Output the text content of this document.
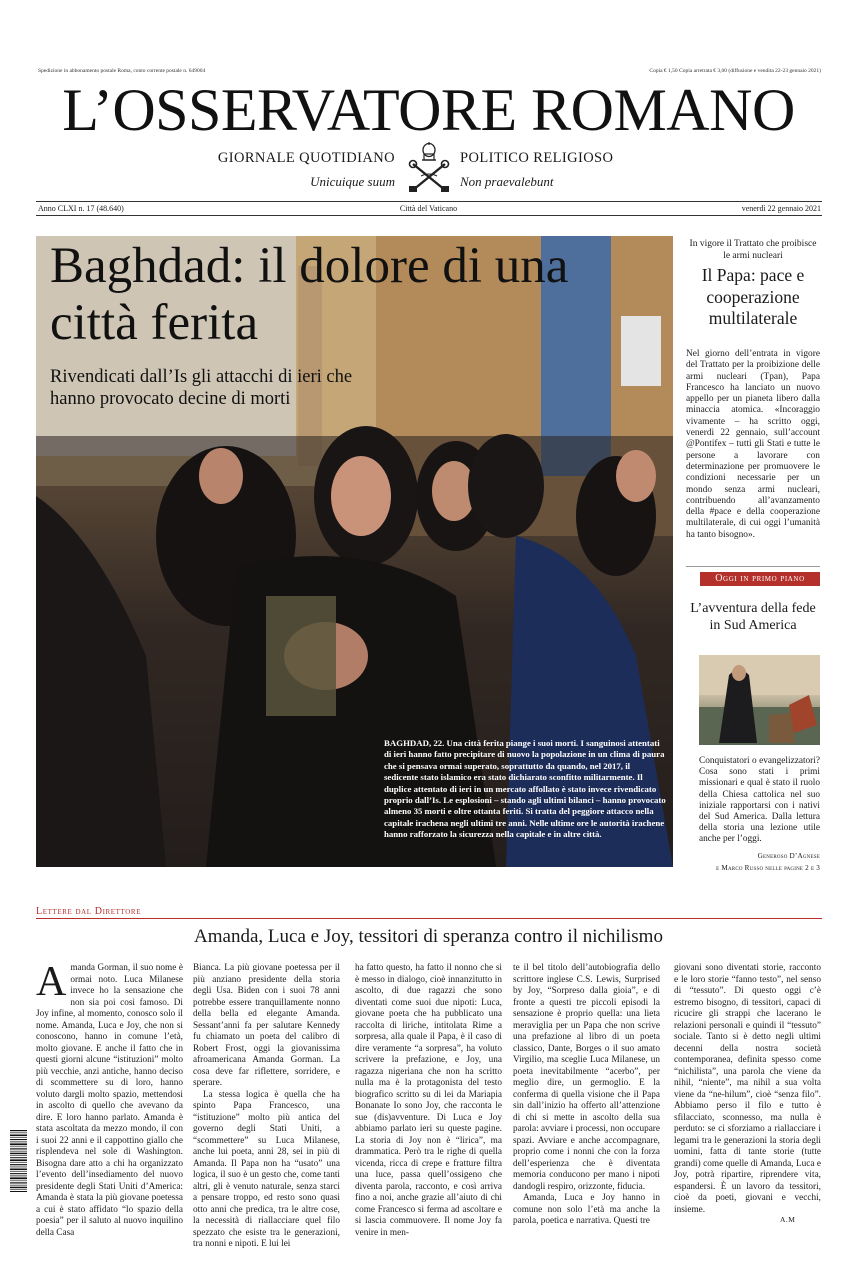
Spedizione in abbonamento postale Roma, conto corrente postale n. 649004	Copia € 1,50 Copia arretrata € 3,00 (diffusione e vendita 22-23 gennaio 2021)
L’OSSERVATORE ROMANO
GIORNALE QUOTIDIANO	POLITICO RELIGIOSO
Unicuique suum	Non praevalebunt
Anno CLXI n. 17 (48.640)	Città del Vaticano	venerdì 22 gennaio 2021
Baghdad: il dolore di una città ferita
Rivendicati dall’Is gli attacchi di ieri che hanno provocato decine di morti
BAGHDAD, 22. Una città ferita piange i suoi morti. I sanguinosi attentati di ieri hanno fatto precipitare di nuovo la popolazione in un clima di paura che si pensava ormai superato, soprattutto da quando, nel 2017, il sedicente stato islamico era stato dichiarato sconfitto militarmente. Il duplice attentato di ieri in un mercato affollato è stato invece rivendicato proprio dall’Is. Le esplosioni – stando agli ultimi bilanci – hanno provocato almeno 35 morti e oltre ottanta feriti. Si tratta del peggiore attacco nella capitale irachena negli ultimi tre anni. Nelle ultime ore le autorità irachene hanno rafforzato la sicurezza nella capitale e in altre città.
In vigore il Trattato che proibisce le armi nucleari
Il Papa: pace e cooperazione multilaterale
Nel giorno dell’entrata in vigore del Trattato per la proibizione delle armi nucleari (Tpan), Papa Francesco ha lanciato un nuovo appello per un pianeta libero dalla minaccia atomica. «Incoraggio vivamente – ha scritto oggi, venerdì 22 gennaio, sull’account @Pontifex – tutti gli Stati e tutte le persone a lavorare con determinazione per promuovere le condizioni necessarie per un mondo senza armi nucleari, contribuendo all’avanzamento della #pace e della cooperazione multilaterale, di cui oggi l’umanità ha tanto bisogno».
Oggi in primo piano
L’avventura della fede in Sud America
Conquistatori o evangelizzatori? Cosa sono stati i primi missionari e qual è stato il ruolo della Chiesa cattolica nel suo iniziale rapportarsi con i nativi del Sud America. Dalla lettura della storia una lezione utile anche per l’oggi.
Generoso D’Agnese
e Marco Russo nelle pagine 2 e 3
Lettere dal Direttore
Amanda, Luca e Joy, tessitori di speranza contro il nichilismo

Amanda Gorman, il suo nome è ormai noto. Luca Milanese invece ho la sensazione che non sia poi così famoso. Di Joy infine, al momento, conosco solo il nome. Amanda, Luca e Joy, che non si conoscono, hanno in comune l’età, molto giovane. E anche il fatto che in questi giorni alcune “istituzioni” molto più vecchie, anzi antiche, hanno deciso di scommettere su di loro, hanno voluto dargli molto spazio, mettendosi in ascolto di quello che avevano da dire. E loro hanno parlato. Amanda è stata ascoltata da mezzo mondo, il con i suoi 22 anni e il cappottino giallo che risplendeva nel sole di Washington. Bisogna dare atto a chi ha organizzato l’evento dell’insediamento del nuovo presidente degli Stati Uniti d’America: Amanda è stata la più giovane poetessa a cui è stato affidato “lo spazio della poesia” per il saluto al nuovo inquilino della Casa

Bianca. La più giovane poetessa per il più anziano presidente della storia degli Usa. Biden con i suoi 78 anni potrebbe essere tranquillamente nonno della bella ed elegante Amanda. Sessant’anni fa per salutare Kennedy fu chiamato un poeta del calibro di Robert Frost, oggi la giovanissima afroamericana Amanda Gorman. La cosa deve far riflettere, sorridere, e sperare.

La stessa logica è quella che ha spinto Papa Francesco, una “istituzione” molto più antica del governo degli Stati Uniti, a “scommettere” su Luca Milanese, anche lui poeta, anni 28, sei in più di Amanda. Il Papa non ha “usato” una logica, il suo è un gesto che, come tanti altri, gli è venuto naturale, senza starci a pensare troppo, ed resto sono quasi otto anni che predica, tra le altre cose, la necessità di riallacciare quel filo spezzato che esiste tra le generazioni, tra nonni e nipoti. E lui lei

ha fatto questo, ha fatto il nonno che si è messo in dialogo, cioè innanzitutto in ascolto, di due ragazzi che sono diventati come suoi due nipoti: Luca, giovane poeta che ha pubblicato una raccolta di liriche, intitolata Rime a sorpresa, alla quale il Papa, è il caso di dire veramente “a sorpresa”, ha voluto scrivere la prefazione, e Joy, una ragazza nigeriana che non ha scritto nulla ma è la protagonista del testo biografico scritto su di lei da Mariapia Bonanate Io sono Joy, che racconta le sue (dis)avventure. Di Luca e Joy abbiamo parlato ieri su queste pagine. La storia di Joy non è “lirica”, ma drammatica. Però tra le righe di quella vicenda, ricca di crepe e fratture filtra una luce, passa quell’ossigeno che diventa parola, racconto, e così arriva fino a noi, anche grazie all’aiuto di chi come Francesco si ferma ad ascoltare e si lascia commuovere. Il nome Joy fa venire in men-

te il bel titolo dell’autobiografia dello scrittore inglese C.S. Lewis, Surprised by Joy, “Sorpreso dalla gioia”, e di fronte a questi tre piccoli episodi la sensazione è proprio quella: una lieta meraviglia per un Papa che non scrive una prefazione al libro di un poeta classico, Dante, Borges o il suo amato Virgilio, ma sceglie Luca Milanese, un poeta inevitabilmente “acerbo”, per meglio dire, un germoglio. E la conferma di quella visione che il Papa sin dall’inizio ha offerto all’attenzione di chi si mette in ascolto della sua parola: avviare i processi, non occupare spazi. Avviare e anche accompagnare, proprio come i nonni che con la forza dell’esperienza che è diventata memoria conducono per mano i nipoti dandogli respiro, orizzonte, fiducia.

Amanda, Luca e Joy hanno in comune non solo l’età ma anche la parola, poetica e narrativa. Questi tre

giovani sono diventati storie, racconto e le loro storie “fanno testo”, nel senso di “tessuto”. Di questo oggi c’è estremo bisogno, di tessitori, capaci di ricucire gli strappi che lacerano le relazioni personali e quindi il “tessuto” sociale. Tanto si è detto negli ultimi decenni della nostra società contemporanea, definita spesso come “nichilista”, una parola che viene da nihil, “niente”, ma nihil a sua volta viene da “ne-hilum”, cioè “senza filo”. Abbiamo perso il filo e tutto è sfilacciato, sconnesso, ma nulla è perduto: se ci sforziamo a riallacciare i legami tra le generazioni la storia degli uomini, fatta di tante storie (tutte grandi) come quelle di Amanda, Luca e Joy, potrà ripartire, riprendere vita, espandersi. È un lavoro da tessitori, cioè da poeti, giovani e vecchi, insieme.

A.M
